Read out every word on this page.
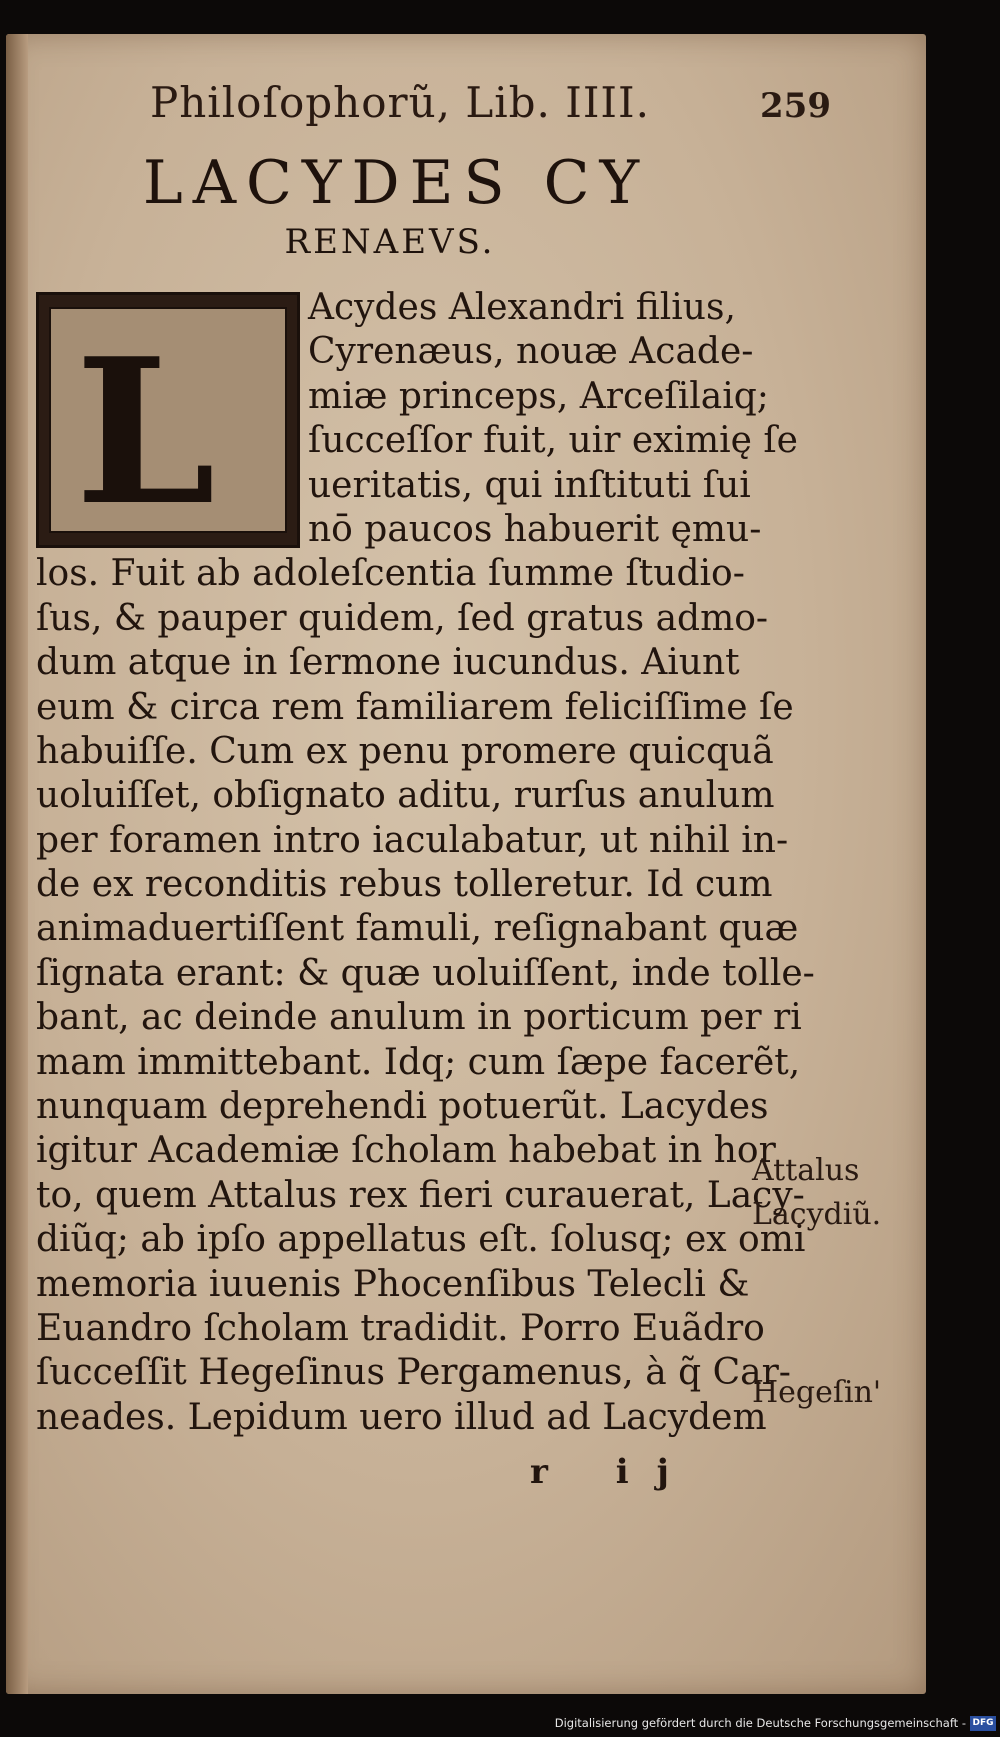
Philoſophorũ, Lib. IIII.	259
LACYDES CY
RENAEVS.
L
Acydes Alexandri filius,
Cyrenæus, nouæ Acade-
miæ princeps, Arceſilaiq;
ſucceſſor fuit, uir eximię ſe
ueritatis, qui inſtituti ſui
nō paucos habuerit ęmu-
los. Fuit ab adoleſcentia ſumme ſtudio-
ſus, & pauper quidem, ſed gratus admo-
dum atque in ſermone iucundus. Aiunt
eum & circa rem familiarem feliciſſime ſe
habuiſſe. Cum ex penu promere quicquã
uoluiſſet, obſignato aditu, rurſus anulum
per foramen intro iaculabatur, ut nihil in-
de ex reconditis rebus tolleretur. Id cum
animaduertiſſent famuli, reſignabant quæ
ſignata erant: & quæ uoluiſſent, inde tolle-
bant, ac deinde anulum in porticum per ri
mam immittebant. Idq; cum ſæpe facerẽt,
nunquam deprehendi potuerũt. Lacydes
igitur Academiæ ſcholam habebat in hor
to, quem Attalus rex fieri curauerat, Lacy-
diũq; ab ipſo appellatus eſt. ſolusq; ex omi
memoria iuuenis Phocenſibus Telecli &
Euandro ſcholam tradidit. Porro Euãdro
ſucceſſit Hegeſinus Pergamenus, à q̃ Car-
neades. Lepidum uero illud ad Lacydem
Attalus
Lacydiũ.
Hegeſin'
r ij
Digitalisierung gefördert durch die Deutsche Forschungsgemeinschaft - DFG
